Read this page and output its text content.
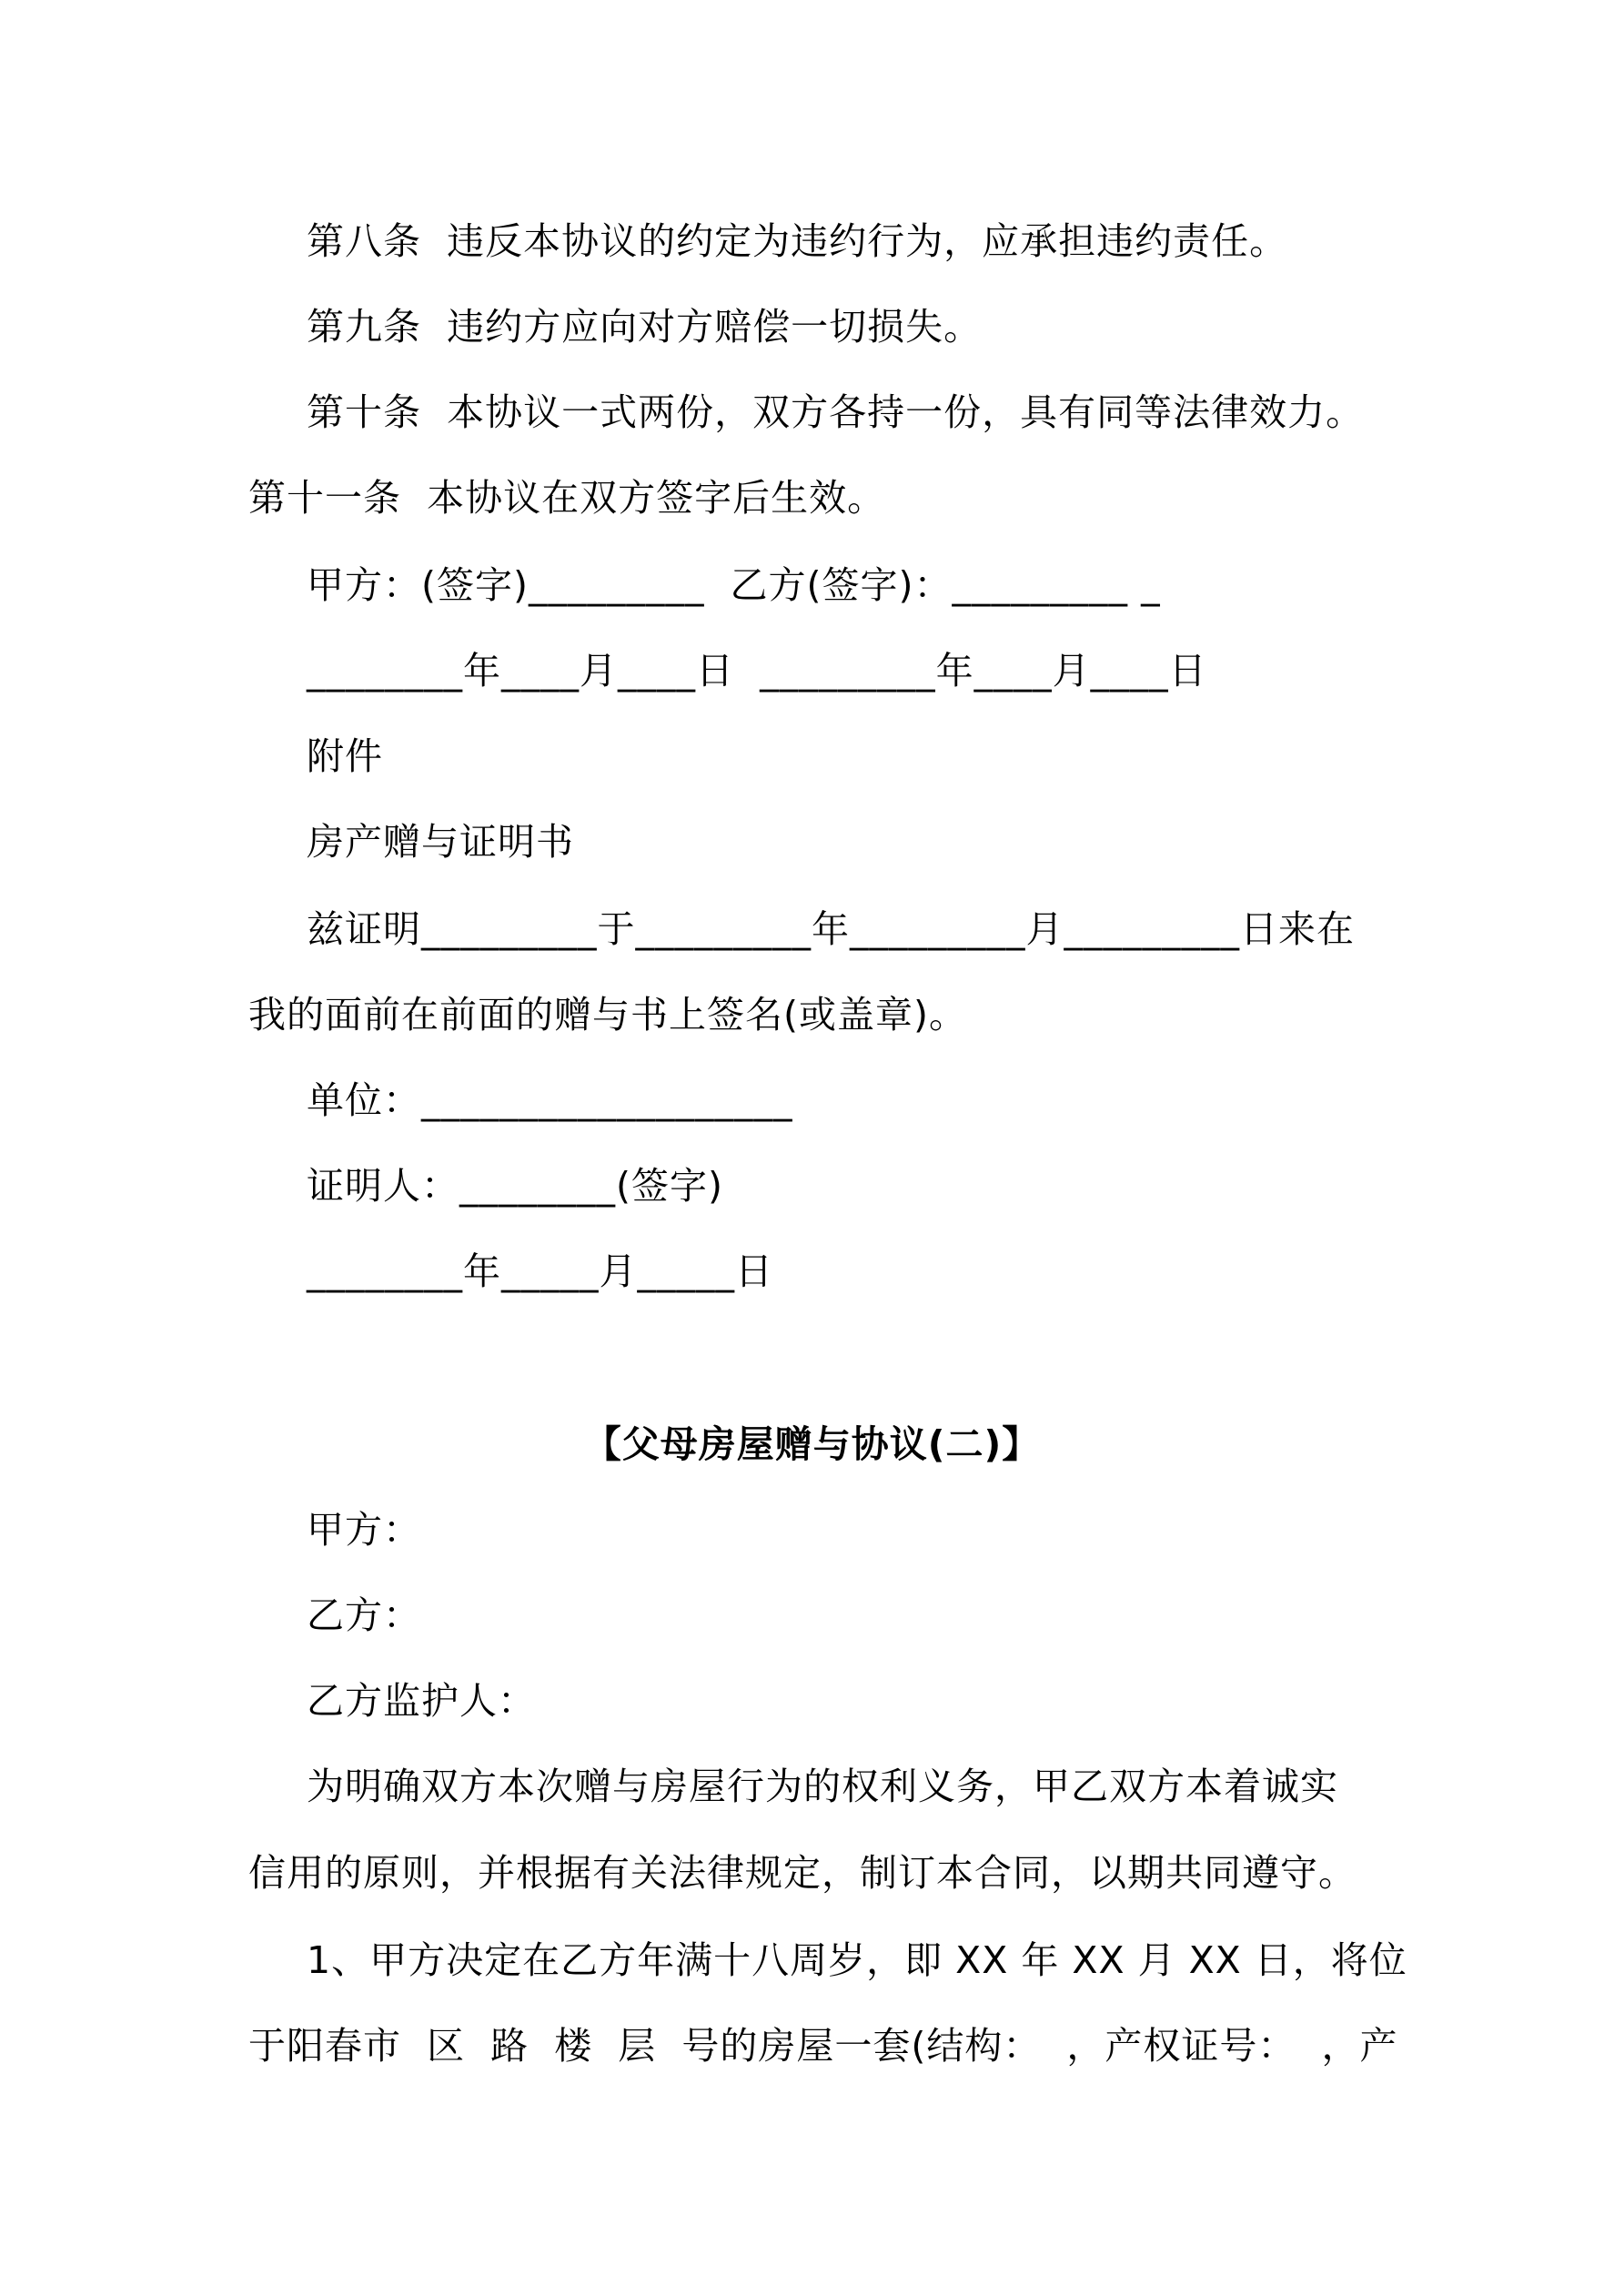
第八条  违反本协议的约定为违约行为，应承担违约责任。
第九条  违约方应向对方赔偿一切损失。
第十条  本协议一式两份，双方各持一份，具有同等法律效力。
第十一条  本协议在双方签字后生效。
甲方：(签字)_________  乙方(签字)：_________ _
________年____月____日  _________年____月____日
附件
房产赠与证明书
兹证明_________于_________年_________月_________日来在
我的面前在前面的赠与书上签名(或盖章)。
单位：___________________
证明人：________(签字)
________年_____月_____日
【父母房屋赠与协议(二)】
甲方：
乙方：
乙方监护人：
为明确双方本次赠与房屋行为的权利义务，甲乙双方本着诚实
信用的原则，并根据有关法律规定，制订本合同，以期共同遵守。
1、甲方决定在乙方年满十八周岁，即 XX 年 XX 月 XX 日，将位
于阳春市  区  路  楼  层  号的房屋一套(结构：  ，产权证号：  ，产
